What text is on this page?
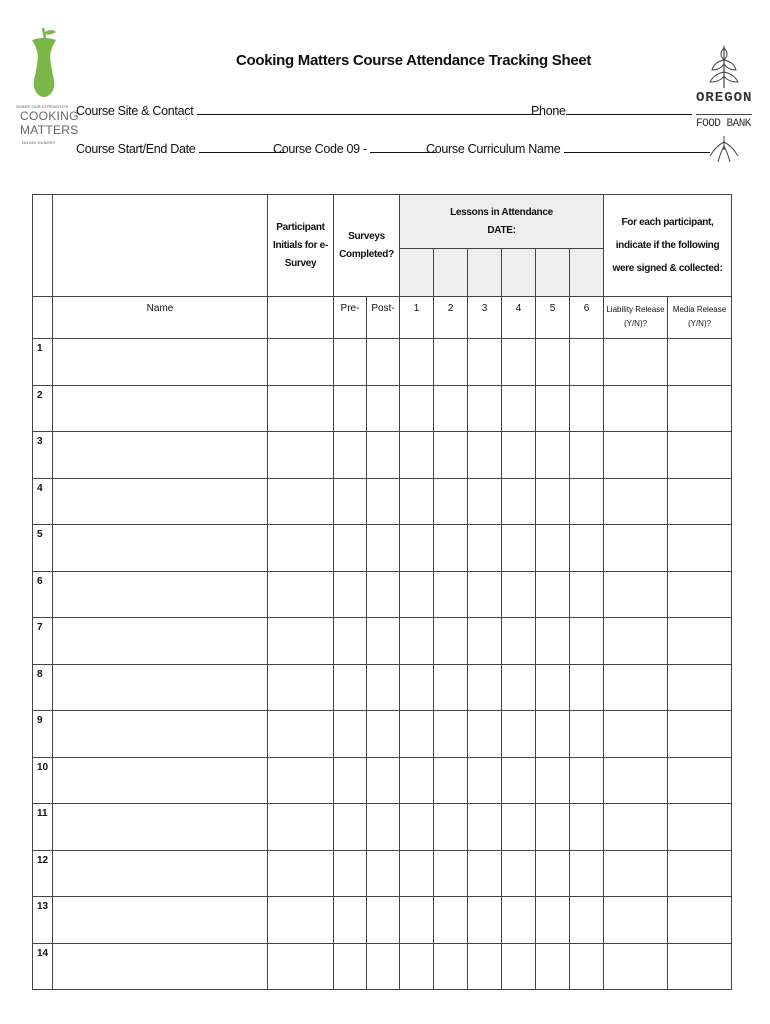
SHARE OUR STRENGTH'S
COOKING
MATTERS
NO KID HUNGRY
OREGON
FOOD BANK
Cooking Matters Course Attendance Tracking Sheet
Course Site & Contact	Phone
Course Start/End Date	Course Code 09 -	Course Curriculum Name
		Participant Initials for e-Survey	Surveys Completed?		Lessons in Attendance
DATE:						For each participant, indicate if the following were signed & collected:	

	Name		Pre-	Post-	1	2	3	4	5	6	Liability Release (Y/N)?	Media Release (Y/N)?
1												
2												
3												
4												
5												
6												
7												
8												
9												
10												
11												
12												
13												
14												
